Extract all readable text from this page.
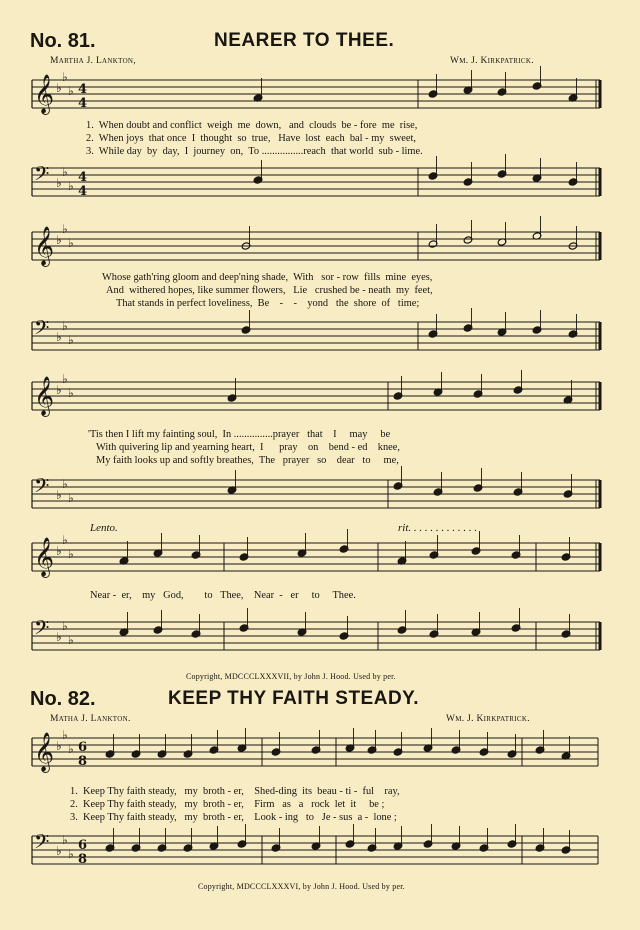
𝄞 ♭
♭
♭ 4
4
𝄢 ♭
♭
♭
4
4
𝄞 ♭
♭
♭
𝄢 ♭
♭
♭
𝄞 ♭
♭
♭
𝄢 ♭
♭
♭
𝄞 ♭
♭
♭
𝄢 ♭
♭
♭
𝄞 ♭
♭
♭ 6
8
𝄢 ♭
♭
♭
6
8
No. 81.	NEARER TO THEE.
Martha J. Lankton,	Wm. J. Kirkpatrick.
1.  When doubt and conflict  weigh  me  down,   and  clouds  be - fore  me  rise,
2.  When joys  that once  I  thought  so  true,   Have  lost  each  bal - my  sweet,
3.  While day  by  day,  I  journey  on,  To ................reach  that world  sub - lime.
Whose gath'ring gloom and deep'ning shade,  With   sor - row  fills  mine  eyes,
And  withered hopes, like summer flowers,   Lie   crushed be - neath  my  feet,
That stands in perfect loveliness,  Be    -    -    yond   the  shore  of   time;
'Tis then I lift my fainting soul,  In ...............prayer   that    I     may     be
With quivering lip and yearning heart,  I      pray    on    bend - ed    knee,
My faith looks up and softly breathes,  The   prayer   so    dear   to     me,
Lento.	rit. . . . . . . . . . . . .
Near -  er,    my   God,        to   Thee,    Near  -   er     to     Thee.
Copyright, MDCCCLXXXVII, by John J. Hood. Used by per.
No. 82.	KEEP THY FAITH STEADY.
Matha J. Lankton.	Wm. J. Kirkpatrick.
1.  Keep Thy faith steady,   my  broth - er,    Shed-ding  its  beau - ti -  ful    ray,
2.  Keep Thy faith steady,   my  broth - er,    Firm   as   a   rock  let  it     be ;
3.  Keep Thy faith steady,   my  broth - er,    Look - ing   to   Je - sus  a -  lone ;
Copyright, MDCCCLXXXVI, by John J. Hood. Used by per.
